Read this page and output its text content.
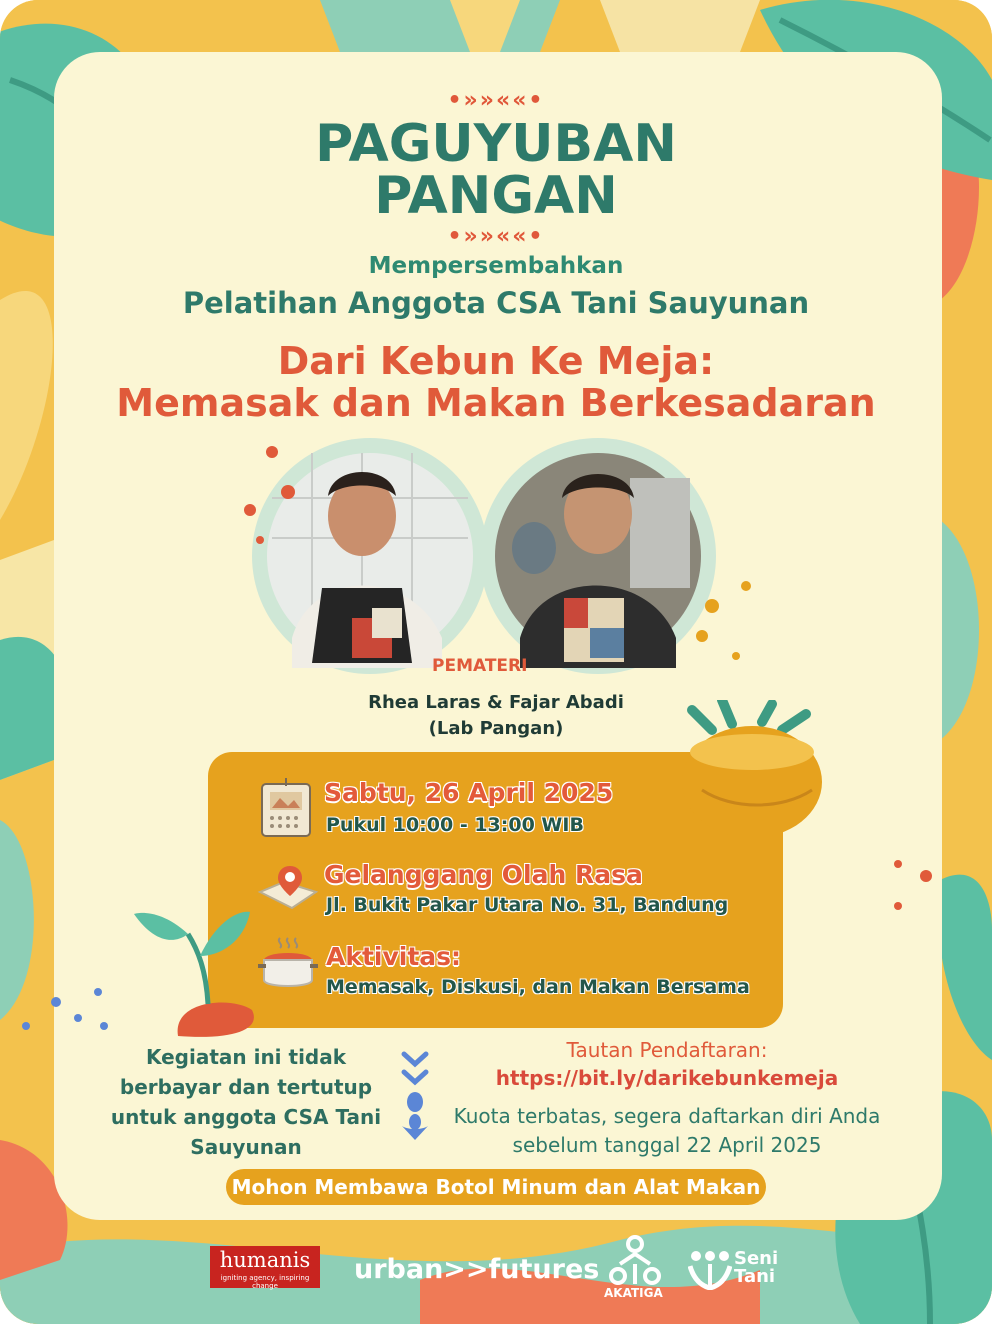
•»»««•
PAGUYUBAN
PANGAN
•»»««•
Mempersembahkan
Pelatihan Anggota CSA Tani Sauyunan
Dari Kebun Ke Meja:
Memasak dan Makan Berkesadaran
PEMATERI
Rhea Laras & Fajar Abadi
(Lab Pangan)
Sabtu, 26 April 2025
Pukul 10:00 - 13:00 WIB
Gelanggang Olah Rasa
Jl. Bukit Pakar Utara No. 31, Bandung
Aktivitas:
Memasak, Diskusi, dan Makan Bersama
Kegiatan ini tidak
berbayar dan tertutup
untuk anggota CSA Tani
Sauyunan
Tautan Pendaftaran:
https://bit.ly/darikebunkemeja
Kuota terbatas, segera daftarkan diri Anda
sebelum tanggal 22 April 2025
Mohon Membawa Botol Minum dan Alat Makan
humanis
igniting agency, inspiring change
urban>>futures
AKATIGA
Seni
Tani
